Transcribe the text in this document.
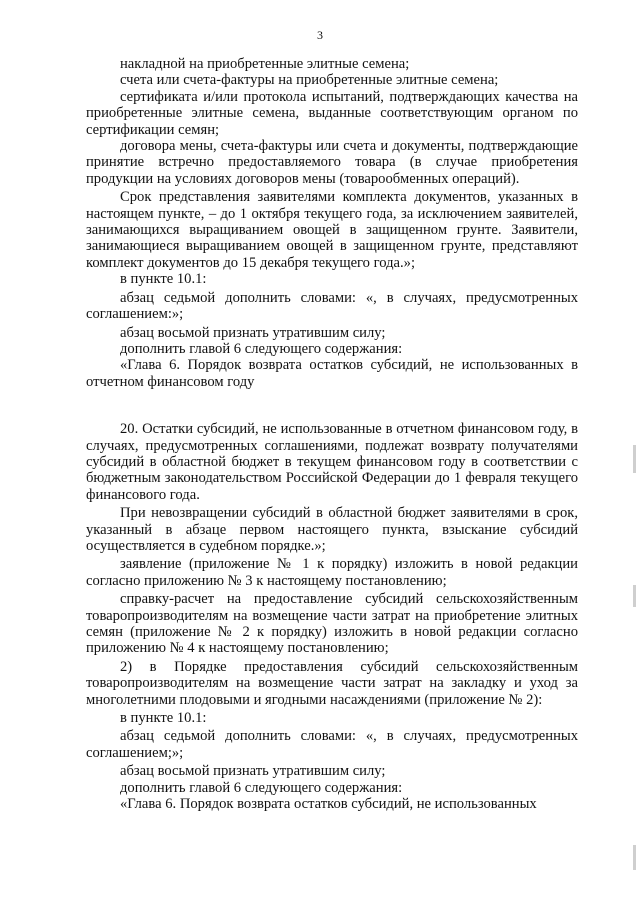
3

накладной на приобретенные элитные семена;

счета или счета-фактуры на приобретенные элитные семена;

сертификата и/или протокола испытаний, подтверждающих качества на приобретенные элитные семена, выданные соответствующим органом по сертификации семян;

договора мены, счета-фактуры или счета и документы, подтверждающие принятие встречно предоставляемого товара (в случае приобретения продукции на условиях договоров мены (товарообменных операций).

Срок представления заявителями комплекта документов, указанных в настоящем пункте, – до 1 октября текущего года, за исключением заявителей, занимающихся выращиванием овощей в защищенном грунте. Заявители, занимающиеся выращиванием овощей в защищенном грунте, представляют комплект документов до 15 декабря текущего года.»;

в пункте 10.1:

абзац седьмой дополнить словами: «, в случаях, предусмотренных соглашением:»;

абзац восьмой признать утратившим силу;

дополнить главой 6 следующего содержания:

«Глава 6. Порядок возврата остатков субсидий, не использованных в отчетном финансовом году

20. Остатки субсидий, не использованные в отчетном финансовом году, в случаях, предусмотренных соглашениями, подлежат возврату получателями субсидий в областной бюджет в текущем финансовом году в соответствии с бюджетным законодательством Российской Федерации до 1 февраля текущего финансового года.

При невозвращении субсидий в областной бюджет заявителями в срок, указанный в абзаце первом настоящего пункта, взыскание субсидий осуществляется в судебном порядке.»;

заявление (приложение № 1 к порядку) изложить в новой редакции согласно приложению № 3 к настоящему постановлению;

справку-расчет на предоставление субсидий сельскохозяйственным товаропроизводителям на возмещение части затрат на приобретение элитных семян (приложение № 2 к порядку) изложить в новой редакции согласно приложению № 4 к настоящему постановлению;

2) в Порядке предоставления субсидий сельскохозяйственным товаропроизводителям на возмещение части затрат на закладку и уход за многолетними плодовыми и ягодными насаждениями (приложение № 2):

в пункте 10.1:

абзац седьмой дополнить словами: «, в случаях, предусмотренных соглашением;»;

абзац восьмой признать утратившим силу;

дополнить главой 6 следующего содержания:

«Глава 6. Порядок возврата остатков субсидий, не использованных
